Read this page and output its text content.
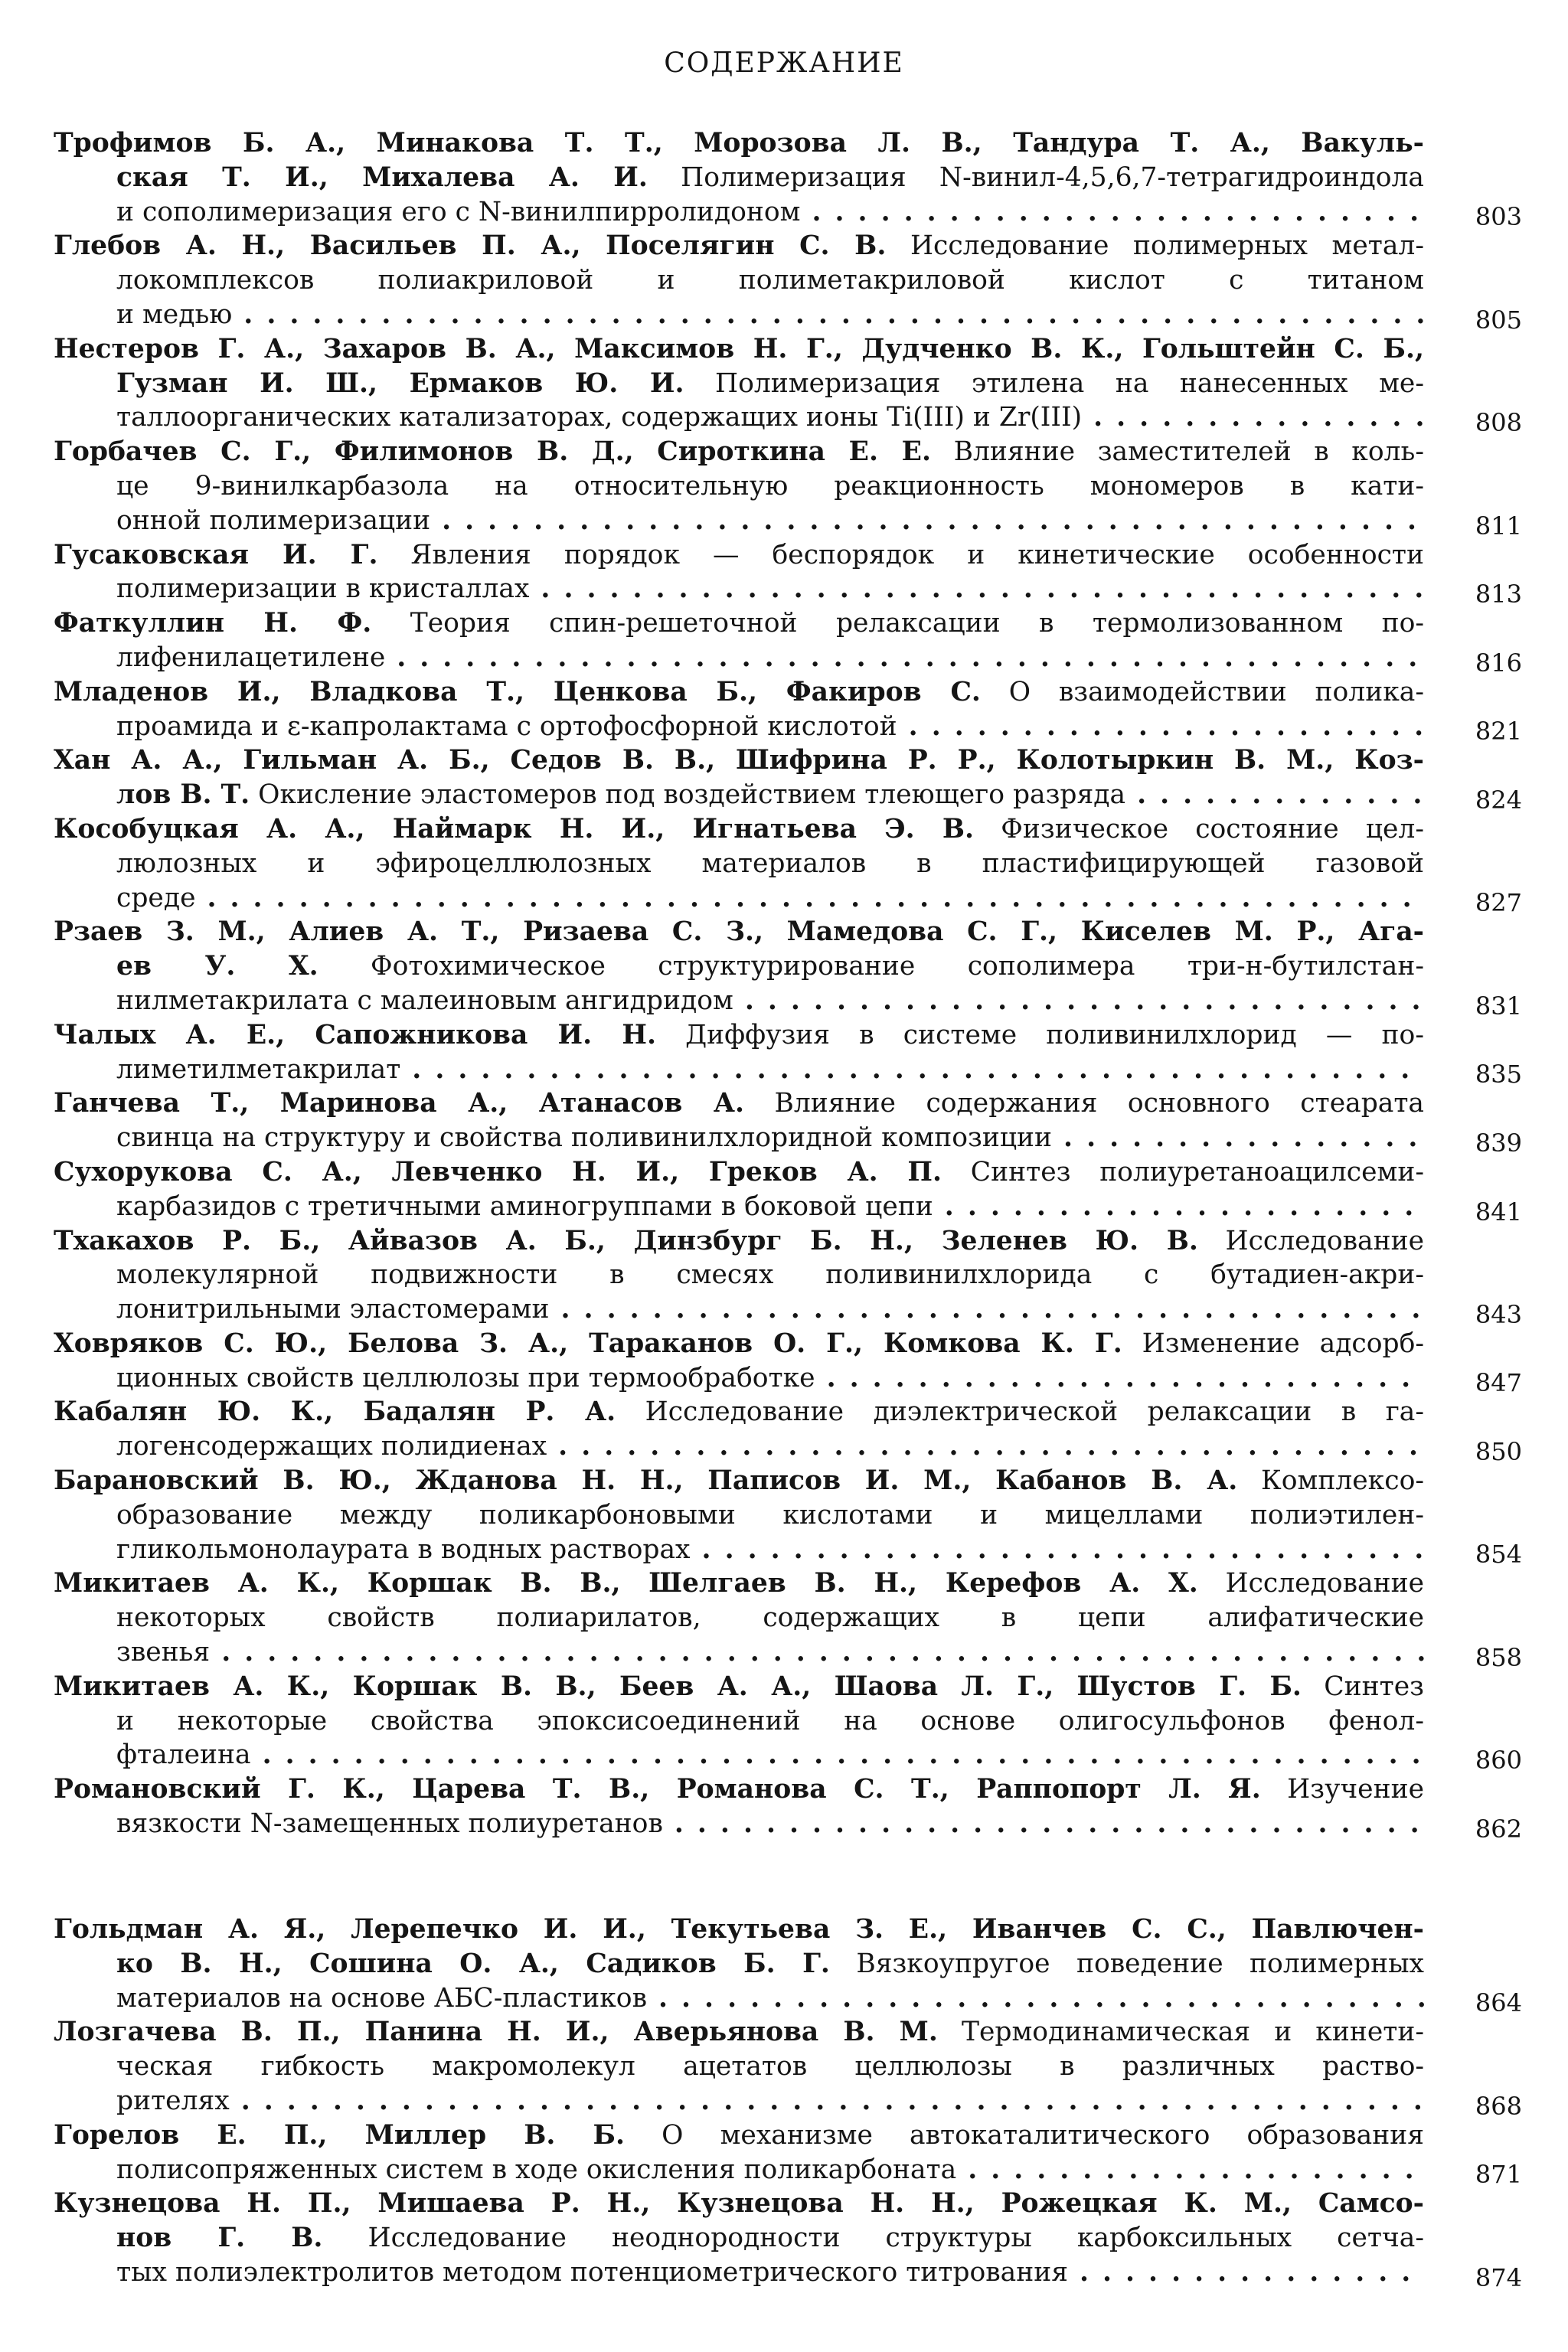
СОДЕРЖАНИЕ
Трофимов Б. А., Минакова Т. Т., Морозова Л. В., Тандура Т. А., Вакуль-
ская Т. И., Михалева А. И. Полимеризация N-винил-4,5,6,7-тетрагидроиндола
и сополимеризация его с N-винилпирролидоном . . .	803
Глебов А. Н., Васильев П. А., Поселягин С. В. Исследование полимерных метал-
локомплексов полиакриловой и полиметакриловой кислот с титаном
и медью . . .	805
Нестеров Г. А., Захаров В. А., Максимов Н. Г., Дудченко В. К., Гольштейн С. Б.,
Гузман И. Ш., Ермаков Ю. И. Полимеризация этилена на нанесенных ме-
таллоорганических катализаторах, содержащих ионы Ti(III) и Zr(III) . . .	808
Горбачев С. Г., Филимонов В. Д., Сироткина Е. Е. Влияние заместителей в коль-
це 9-винилкарбазола на относительную реакционность мономеров в кати-
онной полимеризации . . .	811
Гусаковская И. Г. Явления порядок — беспорядок и кинетические особенности
полимеризации в кристаллах . . .	813
Фаткуллин Н. Ф. Теория спин-решеточной релаксации в термолизованном по-
лифенилацетилене . . .	816
Младенов И., Владкова Т., Ценкова Б., Факиров С. О взаимодействии полика-
проамида и ε-капролактама с ортофосфорной кислотой . . .	821
Хан А. А., Гильман А. Б., Седов В. В., Шифрина Р. Р., Колотыркин В. М., Коз-
лов В. Т. Окисление эластомеров под воздействием тлеющего разряда . . .	824
Кособуцкая А. А., Наймарк Н. И., Игнатьева Э. В. Физическое состояние цел-
люлозных и эфироцеллюлозных материалов в пластифицирующей газовой
среде . . .	827
Рзаев З. М., Алиев А. Т., Ризаева С. З., Мамедова С. Г., Киселев М. Р., Ага-
ев У. Х. Фотохимическое структурирование сополимера три-н-бутилстан-
нилметакрилата с малеиновым ангидридом . . .	831
Чалых А. Е., Сапожникова И. Н. Диффузия в системе поливинилхлорид — по-
лиметилметакрилат . . .	835
Ганчева Т., Маринова А., Атанасов А. Влияние содержания основного стеарата
свинца на структуру и свойства поливинилхлоридной композиции . . .	839
Сухорукова С. А., Левченко Н. И., Греков А. П. Синтез полиуретаноацилсеми-
карбазидов с третичными аминогруппами в боковой цепи . . .	841
Тхакахов Р. Б., Айвазов А. Б., Динзбург Б. Н., Зеленев Ю. В. Исследование
молекулярной подвижности в смесях поливинилхлорида с бутадиен-акри-
лонитрильными эластомерами . . .	843
Ховряков С. Ю., Белова З. А., Тараканов О. Г., Комкова К. Г. Изменение адсорб-
ционных свойств целлюлозы при термообработке . . .	847
Кабалян Ю. К., Бадалян Р. А. Исследование диэлектрической релаксации в га-
логенсодержащих полидиенах . . .	850
Барановский В. Ю., Жданова Н. Н., Паписов И. М., Кабанов В. А. Комплексо-
образование между поликарбоновыми кислотами и мицеллами полиэтилен-
гликольмонолаурата в водных растворах . . .	854
Микитаев А. К., Коршак В. В., Шелгаев В. Н., Керефов А. Х. Исследование
некоторых свойств полиарилатов, содержащих в цепи алифатические
звенья . . .	858
Микитаев А. К., Коршак В. В., Беев А. А., Шаова Л. Г., Шустов Г. Б. Синтез
и некоторые свойства эпоксисоединений на основе олигосульфонов фенол-
фталеина . . .	860
Романовский Г. К., Царева Т. В., Романова С. Т., Раппопорт Л. Я. Изучение
вязкости N-замещенных полиуретанов . . .	862
Гольдман А. Я., Лерепечко И. И., Текутьева З. Е., Иванчев С. С., Павлючен-
ко В. Н., Сошина О. А., Садиков Б. Г. Вязкоупругое поведение полимерных
материалов на основе АБС-пластиков . . .	864
Лозгачева В. П., Панина Н. И., Аверьянова В. М. Термодинамическая и кинети-
ческая гибкость макромолекул ацетатов целлюлозы в различных раство-
рителях . . .	868
Горелов Е. П., Миллер В. Б. О механизме автокаталитического образования
полисопряженных систем в ходе окисления поликарбоната . . .	871
Кузнецова Н. П., Мишаева Р. Н., Кузнецова Н. Н., Рожецкая К. М., Самсо-
нов Г. В. Исследование неоднородности структуры карбоксильных сетча-
тых полиэлектролитов методом потенциометрического титрования . . .	874
